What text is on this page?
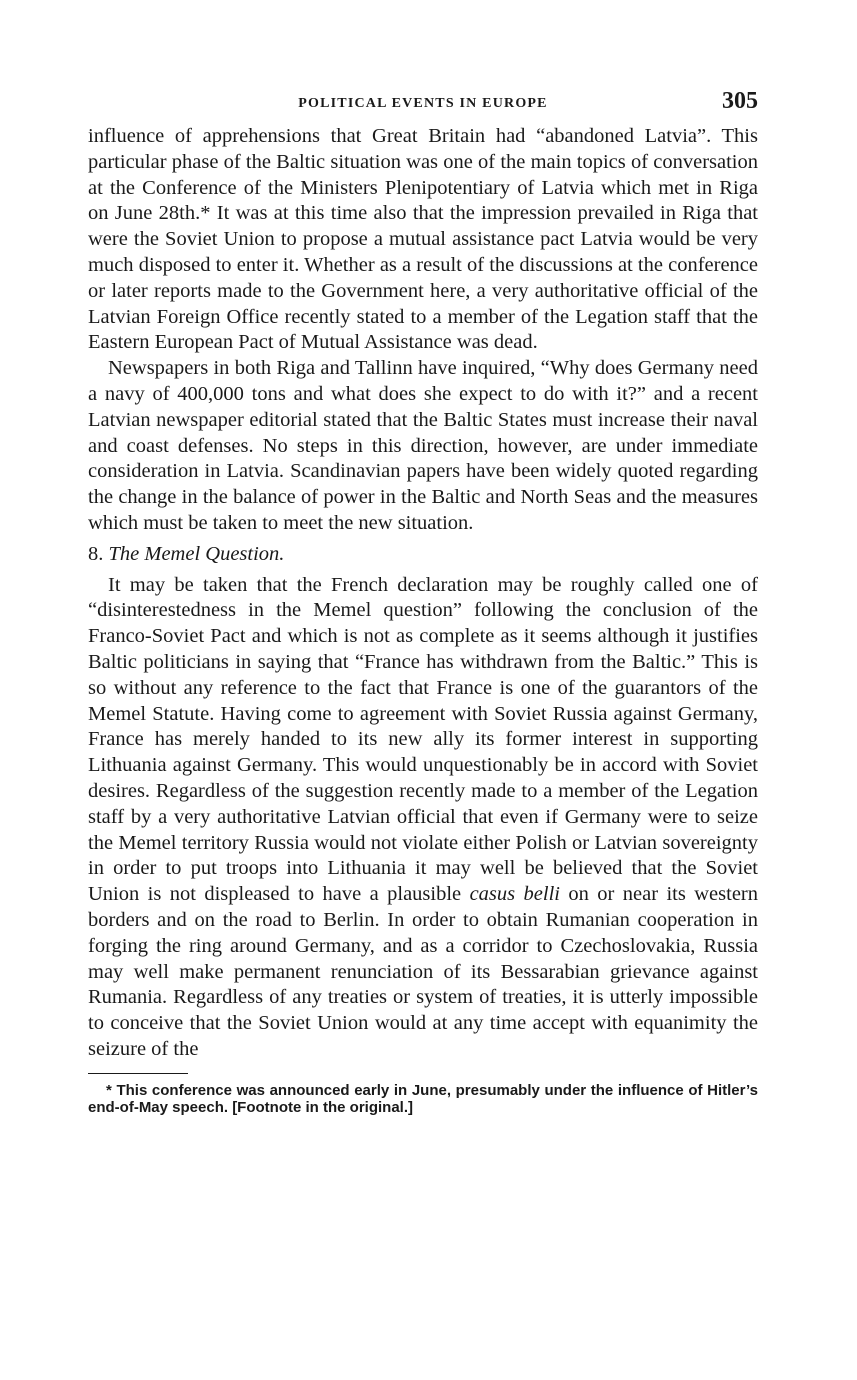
POLITICAL EVENTS IN EUROPE	305

influence of apprehensions that Great Britain had “abandoned Latvia”. This particular phase of the Baltic situation was one of the main topics of conversation at the Conference of the Ministers Plenipotentiary of Latvia which met in Riga on June 28th.* It was at this time also that the impression prevailed in Riga that were the Soviet Union to propose a mutual assistance pact Latvia would be very much disposed to enter it. Whether as a result of the discussions at the conference or later reports made to the Government here, a very authoritative official of the Latvian Foreign Office recently stated to a member of the Legation staff that the Eastern European Pact of Mutual Assistance was dead.

Newspapers in both Riga and Tallinn have inquired, “Why does Germany need a navy of 400,000 tons and what does she expect to do with it?” and a recent Latvian newspaper editorial stated that the Baltic States must increase their naval and coast defenses. No steps in this direction, however, are under immediate consideration in Latvia. Scandinavian papers have been widely quoted regarding the change in the balance of power in the Baltic and North Seas and the measures which must be taken to meet the new situation.

8. The Memel Question.

It may be taken that the French declaration may be roughly called one of “disinterestedness in the Memel question” following the conclusion of the Franco-Soviet Pact and which is not as complete as it seems although it justifies Baltic politicians in saying that “France has withdrawn from the Baltic.” This is so without any reference to the fact that France is one of the guarantors of the Memel Statute. Having come to agreement with Soviet Russia against Germany, France has merely handed to its new ally its former interest in supporting Lithuania against Germany. This would unquestionably be in accord with Soviet desires. Regardless of the suggestion recently made to a member of the Legation staff by a very authoritative Latvian official that even if Germany were to seize the Memel territory Russia would not violate either Polish or Latvian sovereignty in order to put troops into Lithuania it may well be believed that the Soviet Union is not displeased to have a plausible casus belli on or near its western borders and on the road to Berlin. In order to obtain Rumanian cooperation in forging the ring around Germany, and as a corridor to Czechoslovakia, Russia may well make permanent renunciation of its Bessarabian grievance against Rumania. Regardless of any treaties or system of treaties, it is utterly impossible to conceive that the Soviet Union would at any time accept with equanimity the seizure of the

* This conference was announced early in June, presumably under the influence of Hitler’s end-of-May speech. [Footnote in the original.]
